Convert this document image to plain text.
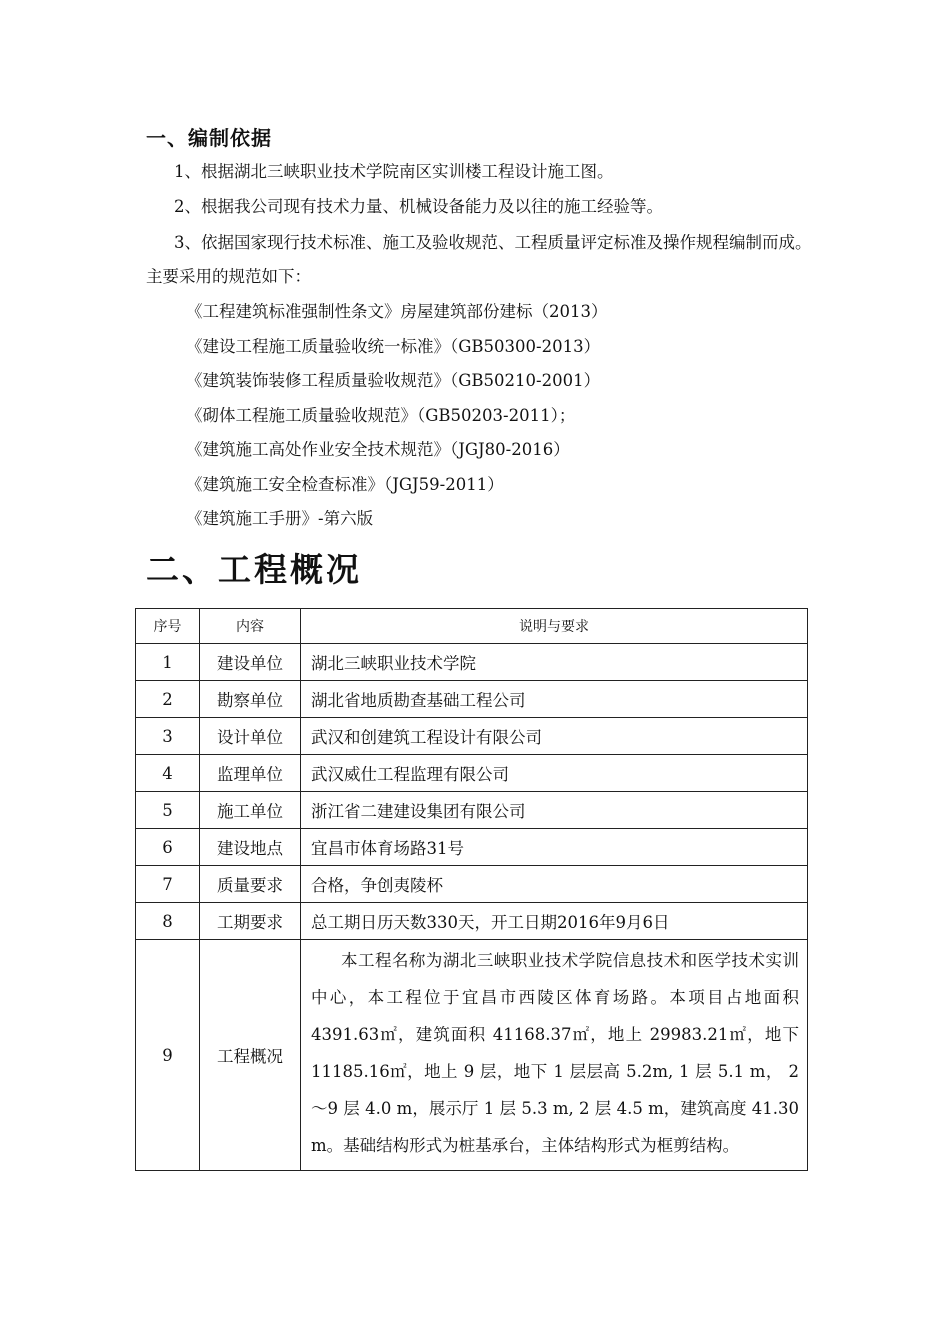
一、编制依据

1、根据湖北三峡职业技术学院南区实训楼工程设计施工图。

2、根据我公司现有技术力量、机械设备能力及以往的施工经验等。

3、依据国家现行技术标准、施工及验收规范、工程质量评定标准及操作规程编制而成。主要采用的规范如下：

《工程建筑标准强制性条文》房屋建筑部份建标（2013）
《建设工程施工质量验收统一标准》（GB50300-2013）
《建筑装饰装修工程质量验收规范》（GB50210-2001）
《砌体工程施工质量验收规范》（GB50203-2011）；
《建筑施工高处作业安全技术规范》（JGJ80-2016）
《建筑施工安全检查标准》（JGJ59-2011）
《建筑施工手册》-第六版
二、工程概况
序号	内容	说明与要求
1	建设单位	湖北三峡职业技术学院
2	勘察单位	湖北省地质勘查基础工程公司
3	设计单位	武汉和创建筑工程设计有限公司
4	监理单位	武汉威仕工程监理有限公司
5	施工单位	浙江省二建建设集团有限公司
6	建设地点	宜昌市体育场路31号
7	质量要求	合格，争创夷陵杯
8	工期要求	总工期日历天数330天，开工日期2016年9月6日
9	工程概况	本工程名称为湖北三峡职业技术学院信息技术和医学技术实训中心，本工程位于宜昌市西陵区体育场路。本项目占地面积 4391.63㎡，建筑面积 41168.37㎡，地上 29983.21㎡，地下 11185.16㎡，地上 9 层，地下 1 层层高 5.2m, 1 层 5.1 m， 2～9 层 4.0 m，展示厅 1 层 5.3 m, 2 层 4.5 m，建筑高度 41.30 m。基础结构形式为桩基承台，主体结构形式为框剪结构。
